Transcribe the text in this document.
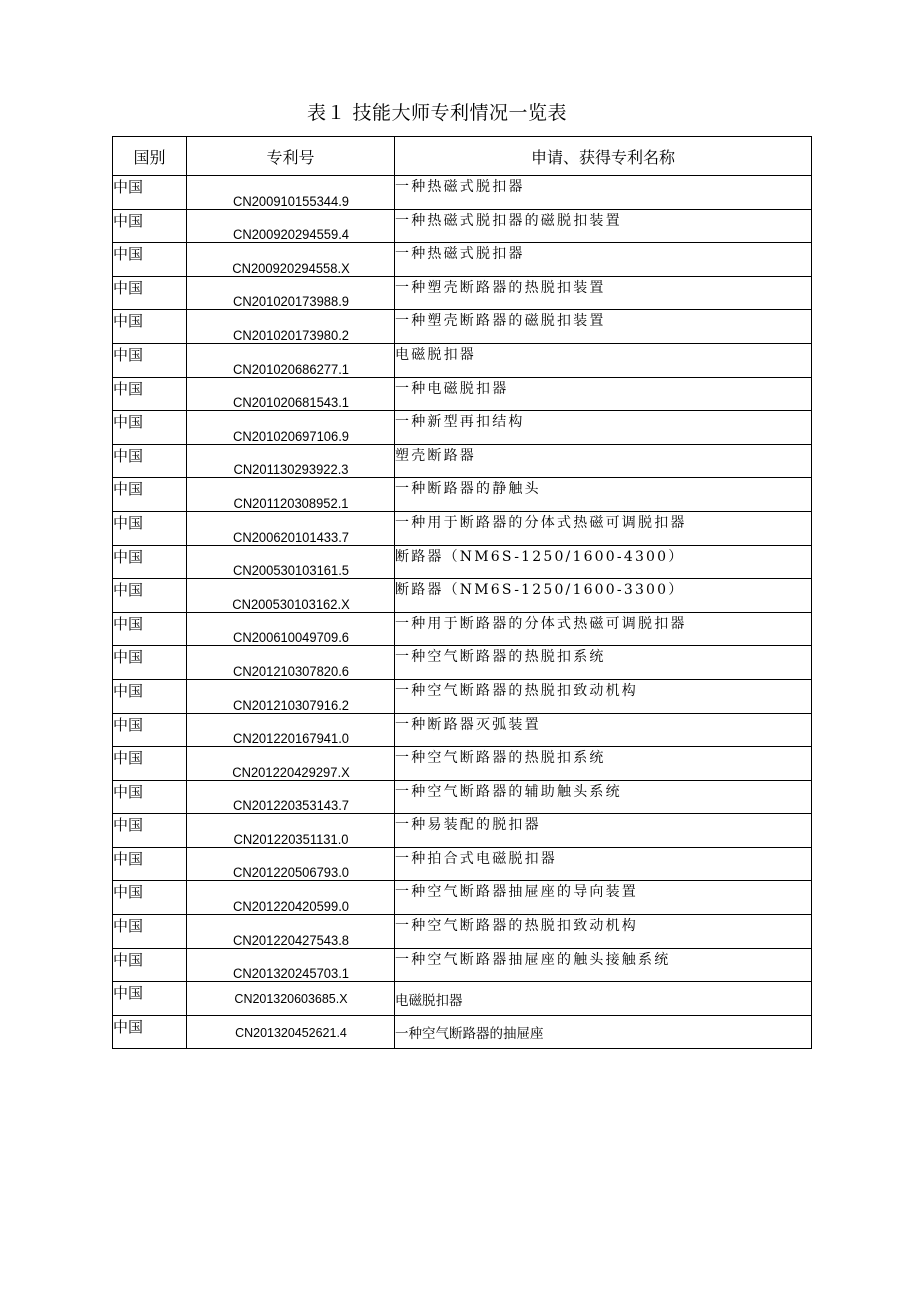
表１ 技能大师专利情况一览表
国别	专利号	申请、获得专利名称
中国	CN200910155344.9	一种热磁式脱扣器
中国	CN200920294559.4	一种热磁式脱扣器的磁脱扣装置
中国	CN200920294558.X	一种热磁式脱扣器
中国	CN201020173988.9	一种塑壳断路器的热脱扣装置
中国	CN201020173980.2	一种塑壳断路器的磁脱扣装置
中国	CN201020686277.1	电磁脱扣器
中国	CN201020681543.1	一种电磁脱扣器
中国	CN201020697106.9	一种新型再扣结构
中国	CN201130293922.3	塑壳断路器
中国	CN201120308952.1	一种断路器的静触头
中国	CN200620101433.7	一种用于断路器的分体式热磁可调脱扣器
中国	CN200530103161.5	断路器（NM6S-1250/1600-4300）
中国	CN200530103162.X	断路器（NM6S-1250/1600-3300）
中国	CN200610049709.6	一种用于断路器的分体式热磁可调脱扣器
中国	CN201210307820.6	一种空气断路器的热脱扣系统
中国	CN201210307916.2	一种空气断路器的热脱扣致动机构
中国	CN201220167941.0	一种断路器灭弧装置
中国	CN201220429297.X	一种空气断路器的热脱扣系统
中国	CN201220353143.7	一种空气断路器的辅助触头系统
中国	CN201220351131.0	一种易装配的脱扣器
中国	CN201220506793.0	一种拍合式电磁脱扣器
中国	CN201220420599.0	一种空气断路器抽屉座的导向装置
中国	CN201220427543.8	一种空气断路器的热脱扣致动机构
中国	CN201320245703.1	一种空气断路器抽屉座的触头接触系统
中国	CN201320603685.X	电磁脱扣器
中国	CN201320452621.4	一种空气断路器的抽屉座
